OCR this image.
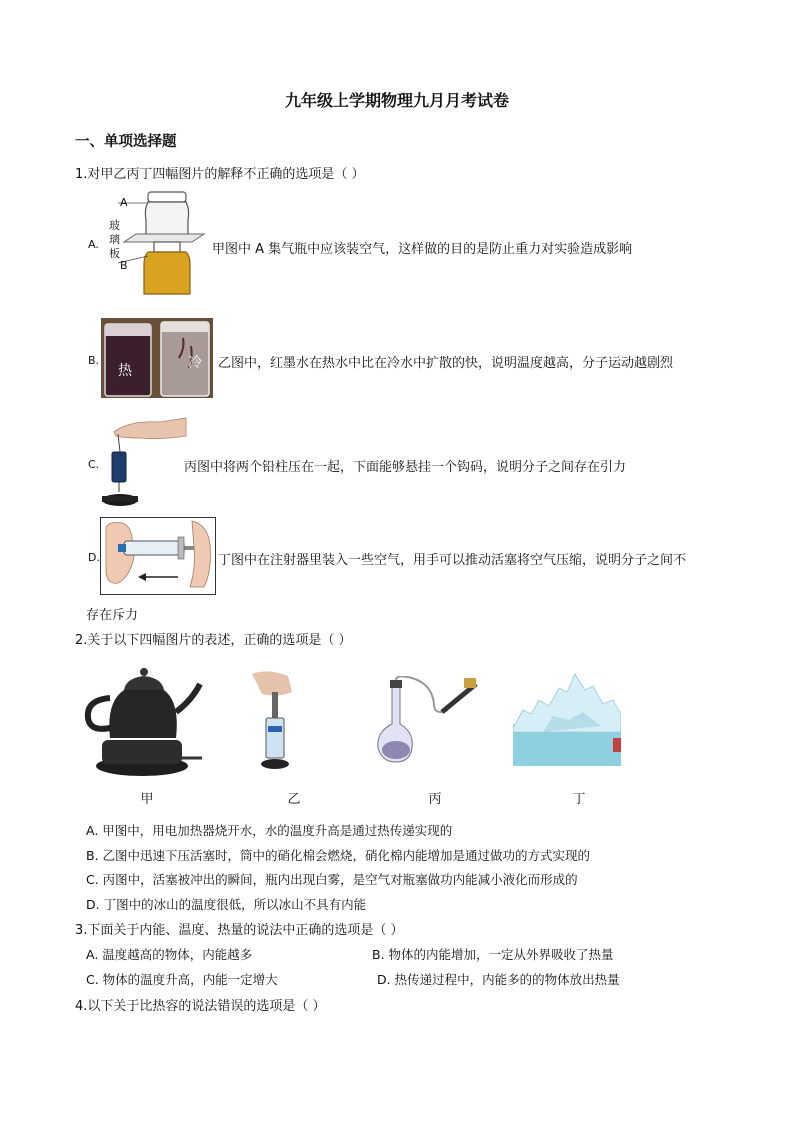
九年级上学期物理九月月考试卷
一、单项选择题
1.对甲乙丙丁四幅图片的解释不正确的选项是（ ）
A.
A
玻
璃
板
B
甲图中 A 集气瓶中应该装空气，这样做的目的是防止重力对实验造成影响
B.
热	冷 乙图中，红墨水在热水中比在冷水中扩散的快，说明温度越高，分子运动越剧烈
C.	丙图中将两个铅柱压在一起，下面能够悬挂一个钩码，说明分子之间存在引力
D.	丁图中在注射器里装入一些空气，用手可以推动活塞将空气压缩，说明分子之间不
存在斥力
2.关于以下四幅图片的表述，正确的选项是（ ）
甲	乙	丙	丁
A. 甲图中，用电加热器烧开水，水的温度升高是通过热传递实现的
B. 乙图中迅速下压活塞时，筒中的硝化棉会燃烧，硝化棉内能增加是通过做功的方式实现的
C. 丙图中，活塞被冲出的瞬间，瓶内出现白雾，是空气对瓶塞做功内能减小液化而形成的
D. 丁图中的冰山的温度很低，所以冰山不具有内能
3.下面关于内能、温度、热量的说法中正确的选项是（ ）
A. 温度越高的物体，内能越多	B. 物体的内能增加，一定从外界吸收了热量
C. 物体的温度升高，内能一定增大	D. 热传递过程中，内能多的的物体放出热量
4.以下关于比热容的说法错误的选项是（ ）
